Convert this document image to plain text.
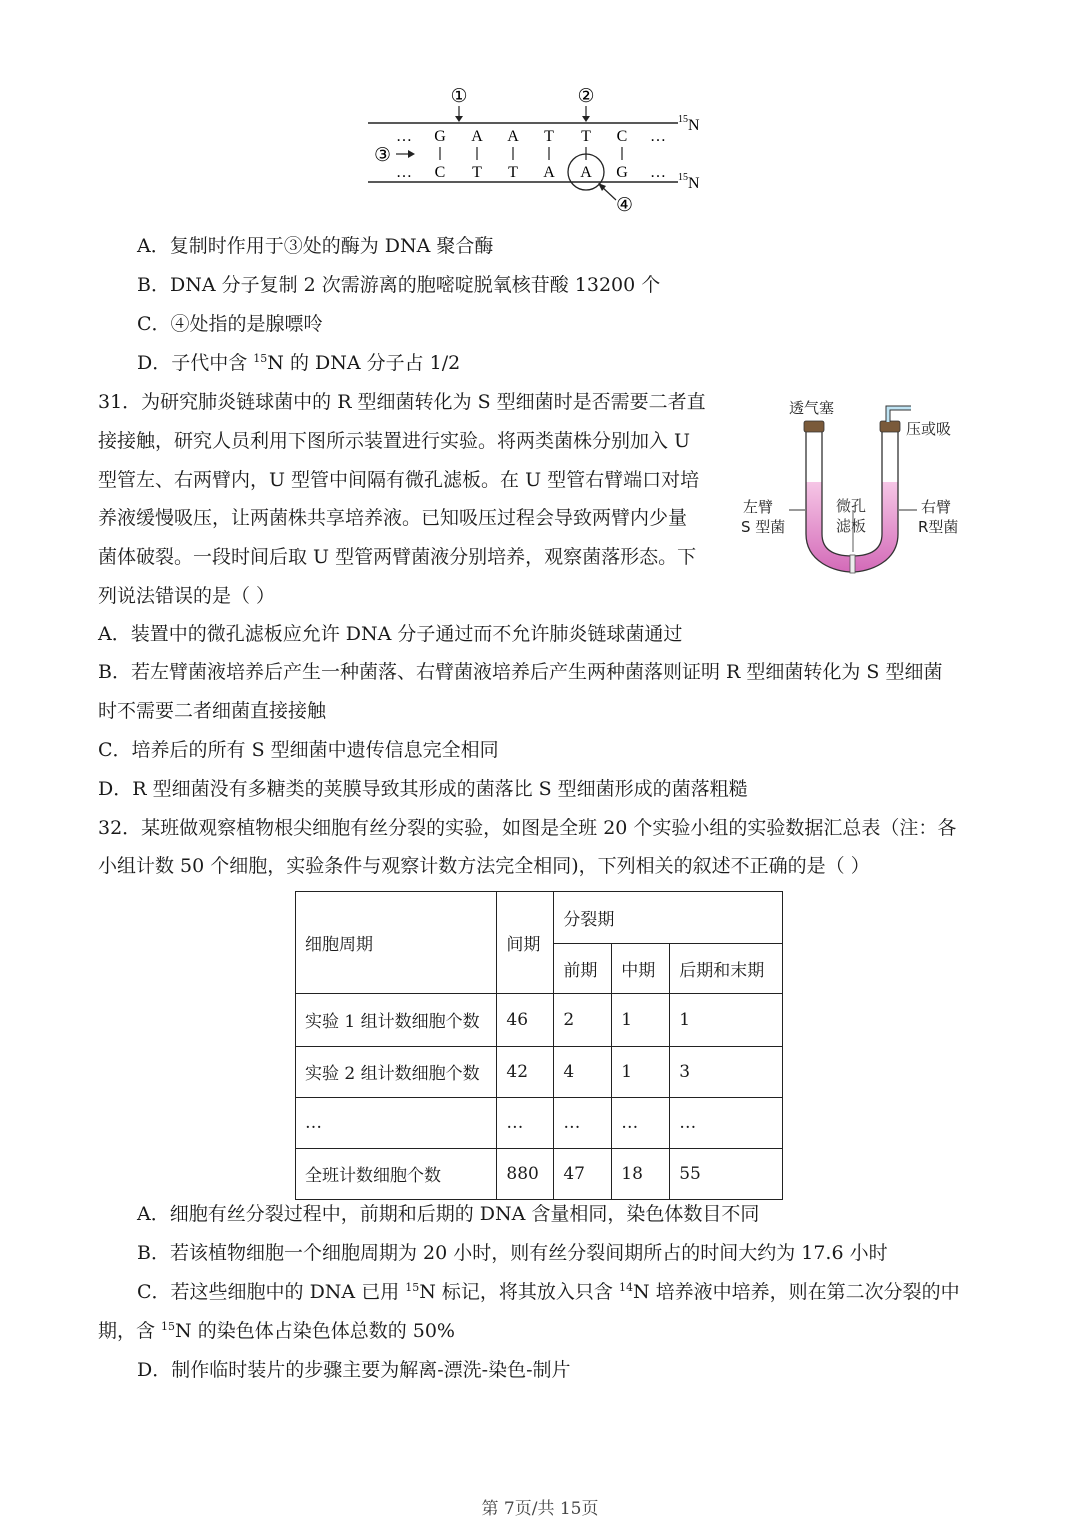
①	②
… G A A T T C …
… C T T A A G …
③
④
15 N
15 N
A．复制时作用于③处的酶为 DNA 聚合酶
B．DNA 分子复制 2 次需游离的胞嘧啶脱氧核苷酸 13200 个
C．④处指的是腺嘌呤
D．子代中含 $^{15}$N 的 DNA 分子占 1/2
31．为研究肺炎链球菌中的 R 型细菌转化为 S 型细菌时是否需要二者直
接接触，研究人员利用下图所示装置进行实验。将两类菌株分别加入 U
型管左、右两臂内，U 型管中间隔有微孔滤板。在 U 型管右臂端口对培
养液缓慢吸压，让两菌株共享培养液。已知吸压过程会导致两臂内少量
菌体破裂。一段时间后取 U 型管两臂菌液分别培养，观察菌落形态。下
列说法错误的是（ ）
透气塞
压或吸
左臂
S 型菌
微孔
滤板
右臂
R型菌
A．装置中的微孔滤板应允许 DNA 分子通过而不允许肺炎链球菌通过
B．若左臂菌液培养后产生一种菌落、右臂菌液培养后产生两种菌落则证明 R 型细菌转化为 S 型细菌
时不需要二者细菌直接接触
C．培养后的所有 S 型细菌中遗传信息完全相同
D．R 型细菌没有多糖类的荚膜导致其形成的菌落比 S 型细菌形成的菌落粗糙
32．某班做观察植物根尖细胞有丝分裂的实验，如图是全班 20 个实验小组的实验数据汇总表（注：各
小组计数 50 个细胞，实验条件与观察计数方法完全相同)，下列相关的叙述不正确的是（ ）
细胞周期	间期	分裂期		
		前期	中期	后期和末期
实验 1 组计数细胞个数	46	2	1	1
实验 2 组计数细胞个数	42	4	1	3
…	…	…	…	…
全班计数细胞个数	880	47	18	55
A．细胞有丝分裂过程中，前期和后期的 DNA 含量相同，染色体数目不同
B．若该植物细胞一个细胞周期为 20 小时，则有丝分裂间期所占的时间大约为 17.6 小时
C．若这些细胞中的 DNA 已用 $^{15}$N 标记，将其放入只含 $^{14}$N 培养液中培养，则在第二次分裂的中
期，含 $^{15}$N 的染色体占染色体总数的 50%
D．制作临时装片的步骤主要为解离-漂洗-染色-制片
第 7页/共 15页
